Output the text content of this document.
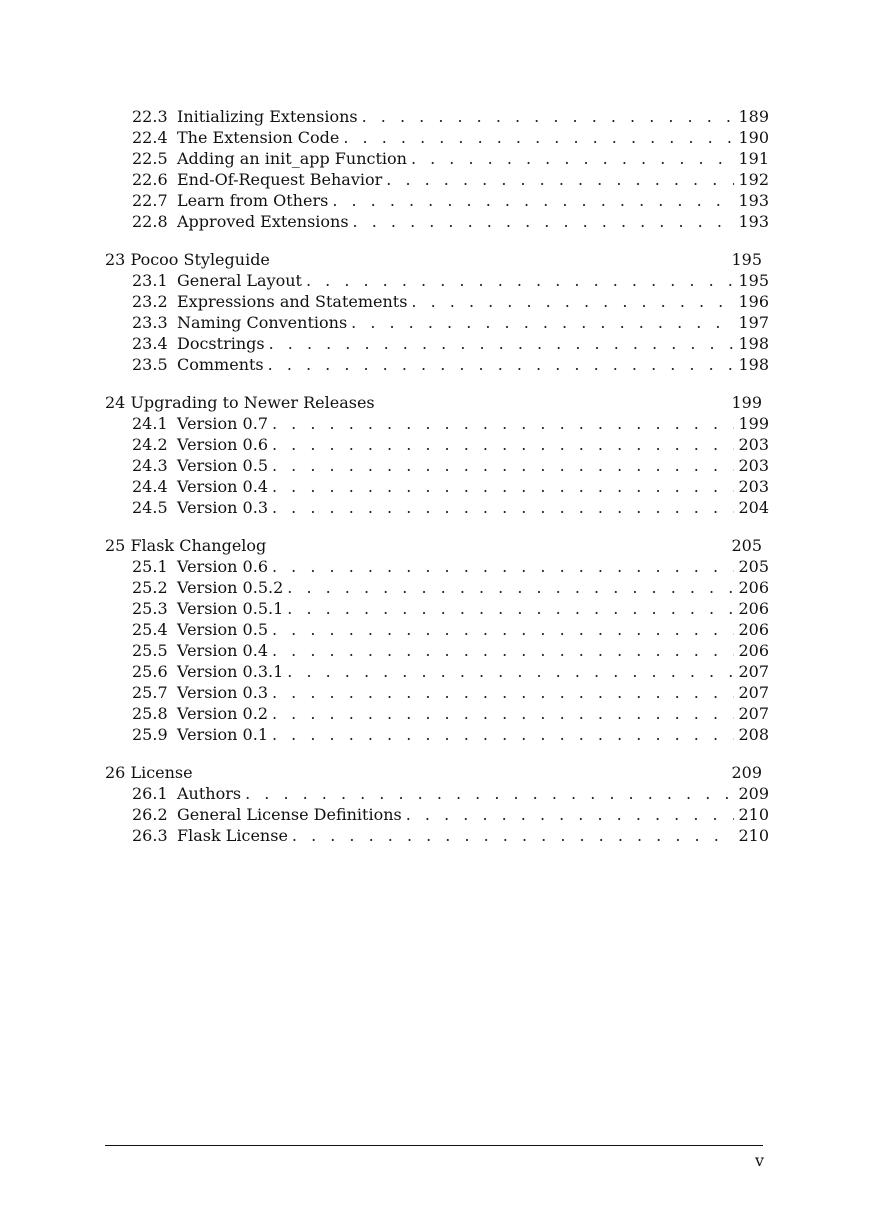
22.3 Initializing Extensions . . .	189
22.4 The Extension Code . . .	190
22.5 Adding an init_app Function . . .	191
22.6 End-Of-Request Behavior . . .	192
22.7 Learn from Others . . .	193
22.8 Approved Extensions . . .	193
23 Pocoo Styleguide	195
23.1 General Layout . . .	195
23.2 Expressions and Statements . . .	196
23.3 Naming Conventions . . .	197
23.4 Docstrings . . .	198
23.5 Comments . . .	198
24 Upgrading to Newer Releases	199
24.1 Version 0.7 . . .	199
24.2 Version 0.6 . . .	203
24.3 Version 0.5 . . .	203
24.4 Version 0.4 . . .	203
24.5 Version 0.3 . . .	204
25 Flask Changelog	205
25.1 Version 0.6 . . .	205
25.2 Version 0.5.2 . . .	206
25.3 Version 0.5.1 . . .	206
25.4 Version 0.5 . . .	206
25.5 Version 0.4 . . .	206
25.6 Version 0.3.1 . . .	207
25.7 Version 0.3 . . .	207
25.8 Version 0.2 . . .	207
25.9 Version 0.1 . . .	208
26 License	209
26.1 Authors . . .	209
26.2 General License Definitions . . .	210
26.3 Flask License . . .	210
v
